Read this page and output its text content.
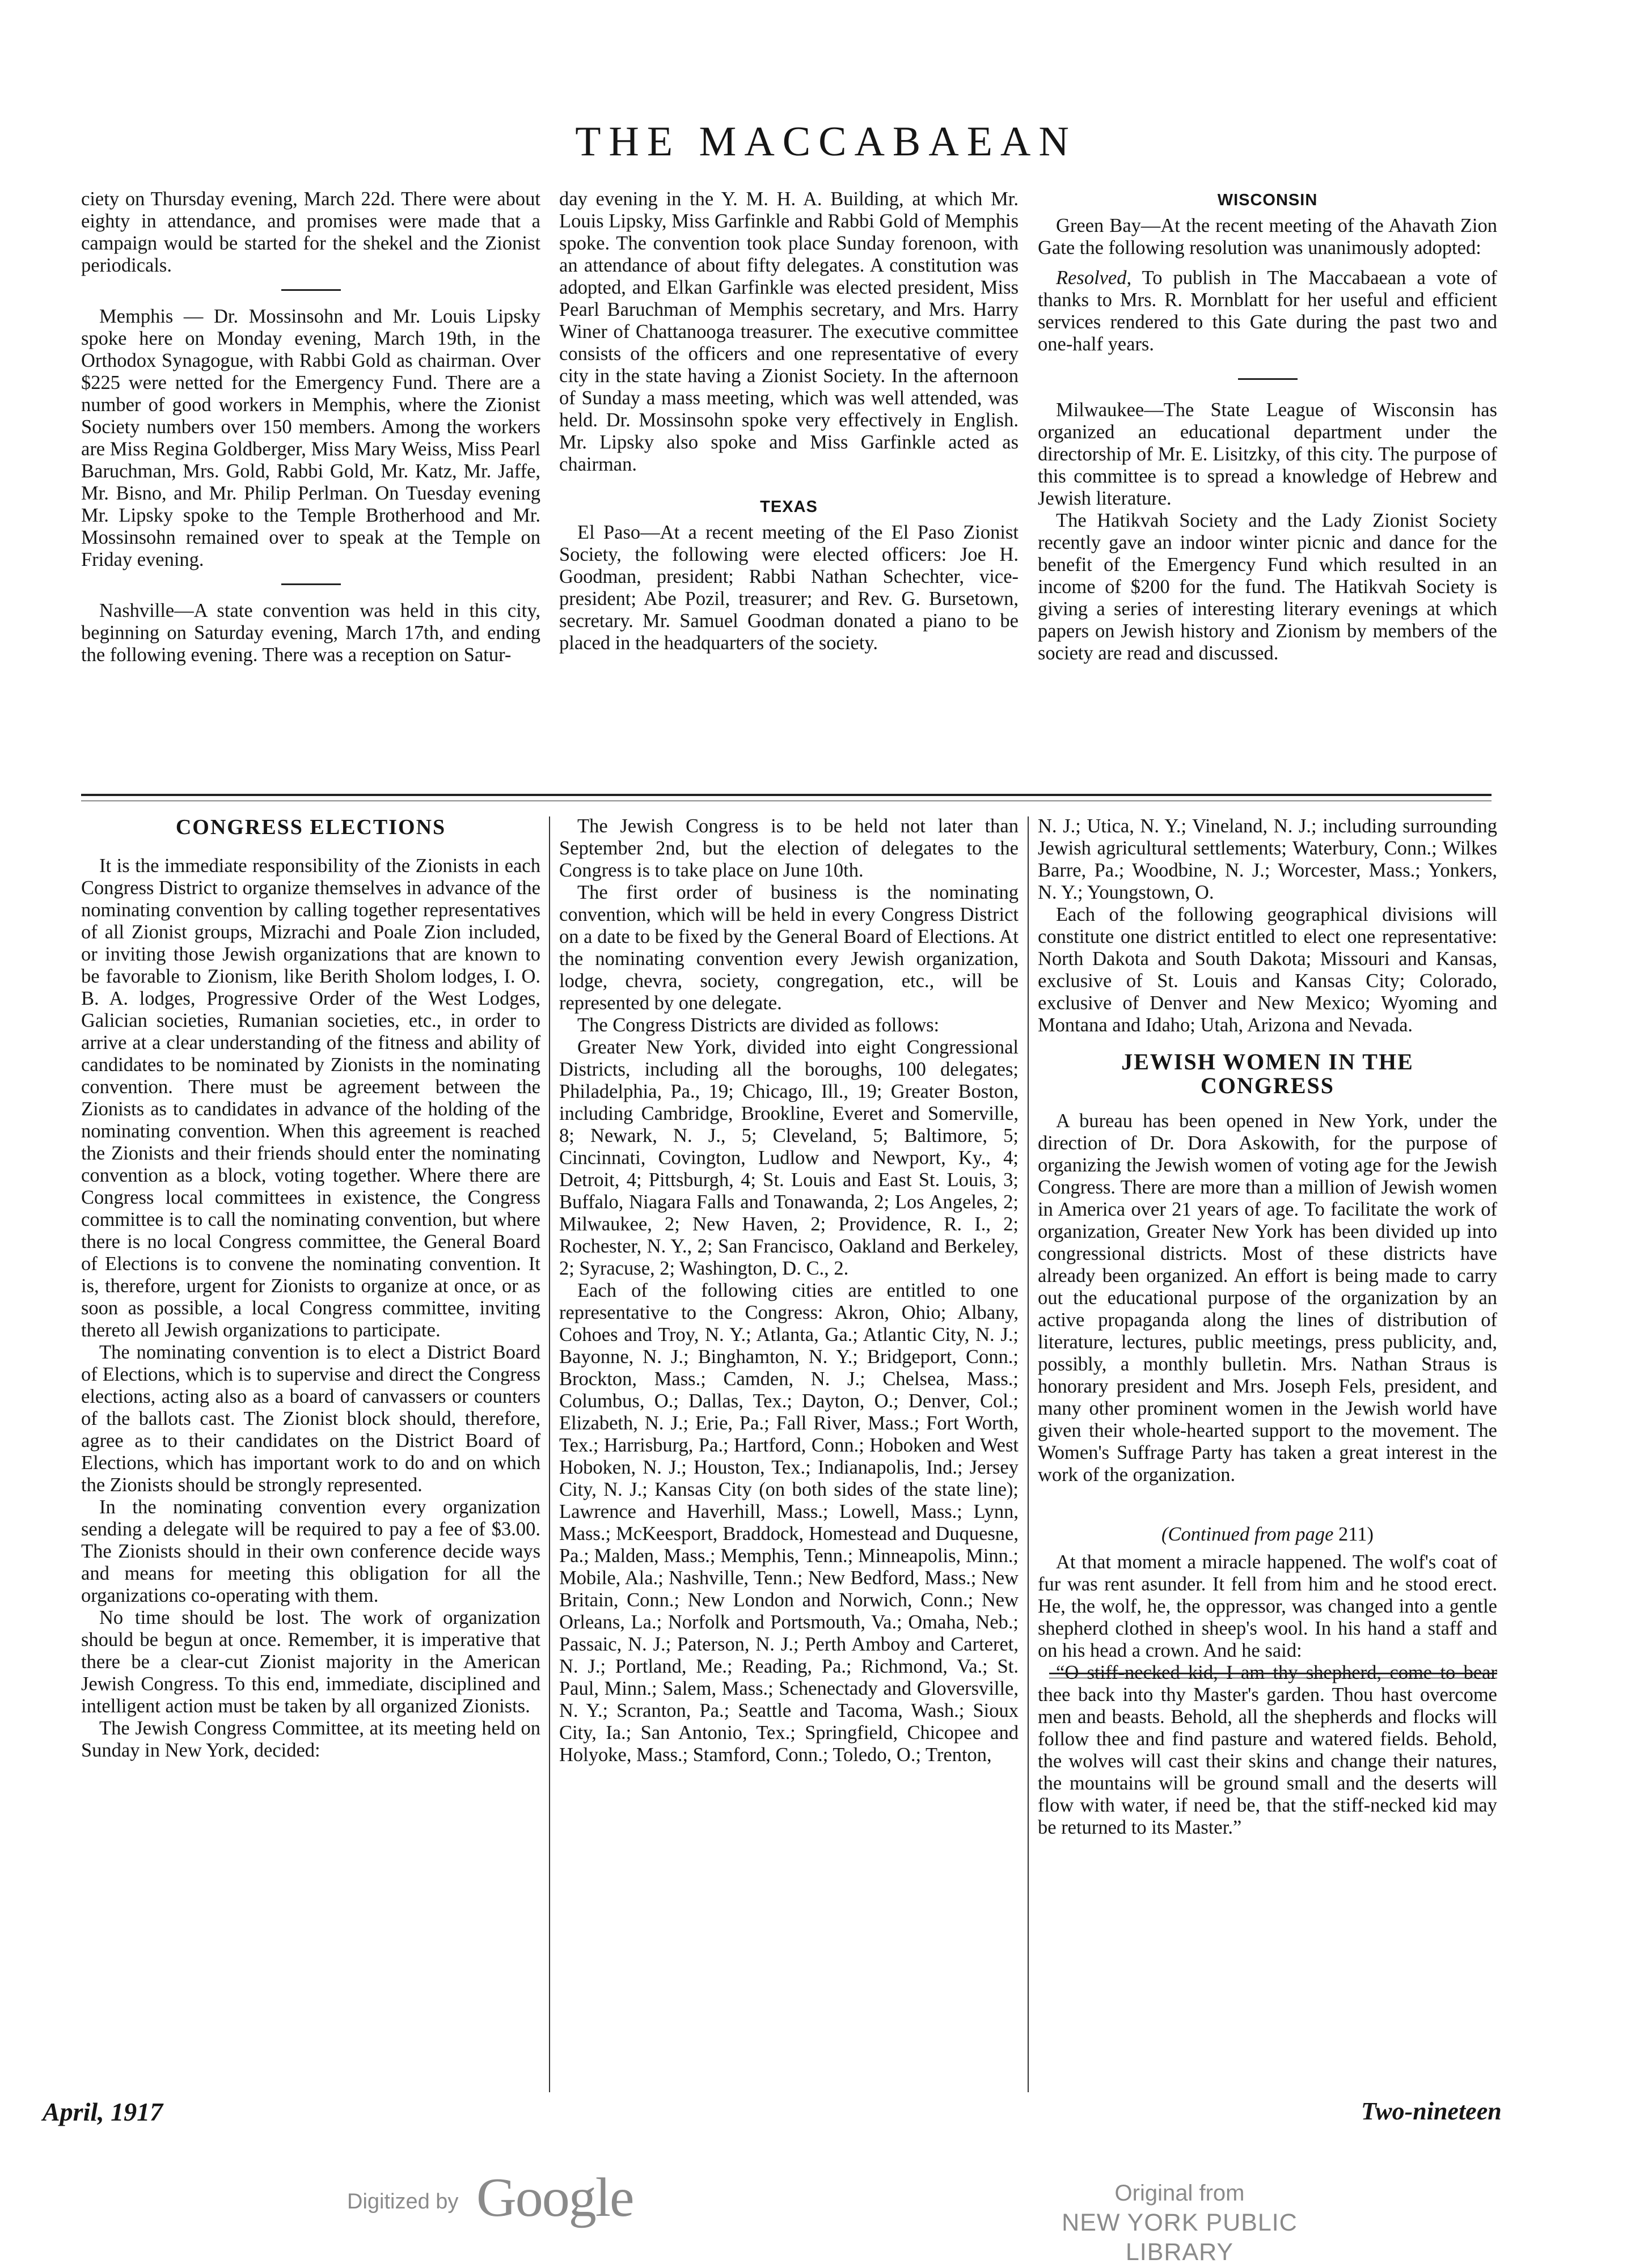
THE MACCABAEAN

ciety on Thursday evening, March 22d. There were about eighty in attendance, and promises were made that a campaign would be started for the shekel and the Zionist periodicals.

Memphis — Dr. Mossinsohn and Mr. Louis Lipsky spoke here on Monday evening, March 19th, in the Orthodox Synagogue, with Rabbi Gold as chairman. Over $225 were netted for the Emergency Fund. There are a number of good workers in Memphis, where the Zionist Society numbers over 150 members. Among the workers are Miss Regina Goldberger, Miss Mary Weiss, Miss Pearl Baruchman, Mrs. Gold, Rabbi Gold, Mr. Katz, Mr. Jaffe, Mr. Bisno, and Mr. Philip Perlman. On Tuesday evening Mr. Lipsky spoke to the Temple Brotherhood and Mr. Mossinsohn remained over to speak at the Temple on Friday evening.

Nashville—A state convention was held in this city, beginning on Saturday evening, March 17th, and ending the following evening. There was a reception on Satur-

day evening in the Y. M. H. A. Building, at which Mr. Louis Lipsky, Miss Garfinkle and Rabbi Gold of Memphis spoke. The convention took place Sunday forenoon, with an attendance of about fifty delegates. A constitution was adopted, and Elkan Garfinkle was elected president, Miss Pearl Baruchman of Memphis secretary, and Mrs. Harry Winer of Chattanooga treasurer. The executive committee consists of the officers and one representative of every city in the state having a Zionist Society. In the afternoon of Sunday a mass meeting, which was well attended, was held. Dr. Mossinsohn spoke very effectively in English. Mr. Lipsky also spoke and Miss Garfinkle acted as chairman.

TEXAS

El Paso—At a recent meeting of the El Paso Zionist Society, the following were elected officers: Joe H. Goodman, president; Rabbi Nathan Schechter, vice-president; Abe Pozil, treasurer; and Rev. G. Bursetown, secretary. Mr. Samuel Goodman donated a piano to be placed in the headquarters of the society.

WISCONSIN

Green Bay—At the recent meeting of the Ahavath Zion Gate the following resolution was unanimously adopted:

Resolved, To publish in The Maccabaean a vote of thanks to Mrs. R. Mornblatt for her useful and efficient services rendered to this Gate during the past two and one-half years.

Milwaukee—The State League of Wisconsin has organized an educational department under the directorship of Mr. E. Lisitzky, of this city. The purpose of this committee is to spread a knowledge of Hebrew and Jewish literature.

The Hatikvah Society and the Lady Zionist Society recently gave an indoor winter picnic and dance for the benefit of the Emergency Fund which resulted in an income of $200 for the fund. The Hatikvah Society is giving a series of interesting literary evenings at which papers on Jewish history and Zionism by members of the society are read and discussed.

CONGRESS ELECTIONS

It is the immediate responsibility of the Zionists in each Congress District to organize themselves in advance of the nominating convention by calling together representatives of all Zionist groups, Mizrachi and Poale Zion included, or inviting those Jewish organizations that are known to be favorable to Zionism, like Berith Sholom lodges, I. O. B. A. lodges, Progressive Order of the West Lodges, Galician societies, Rumanian societies, etc., in order to arrive at a clear understanding of the fitness and ability of candidates to be nominated by Zionists in the nominating convention. There must be agreement between the Zionists as to candidates in advance of the holding of the nominating convention. When this agreement is reached the Zionists and their friends should enter the nominating convention as a block, voting together. Where there are Congress local committees in existence, the Congress committee is to call the nominating convention, but where there is no local Congress committee, the General Board of Elections is to convene the nominating convention. It is, therefore, urgent for Zionists to organize at once, or as soon as possible, a local Congress committee, inviting thereto all Jewish organizations to participate.

The nominating convention is to elect a District Board of Elections, which is to supervise and direct the Congress elections, acting also as a board of canvassers or counters of the ballots cast. The Zionist block should, therefore, agree as to their candidates on the District Board of Elections, which has important work to do and on which the Zionists should be strongly represented.

In the nominating convention every organization sending a delegate will be required to pay a fee of $3.00. The Zionists should in their own conference decide ways and means for meeting this obligation for all the organizations co-operating with them.

No time should be lost. The work of organization should be begun at once. Remember, it is imperative that there be a clear-cut Zionist majority in the American Jewish Congress. To this end, immediate, disciplined and intelligent action must be taken by all organized Zionists.

The Jewish Congress Committee, at its meeting held on Sunday in New York, decided:

The Jewish Congress is to be held not later than September 2nd, but the election of delegates to the Congress is to take place on June 10th.

The first order of business is the nominating convention, which will be held in every Congress District on a date to be fixed by the General Board of Elections. At the nominating convention every Jewish organization, lodge, chevra, society, congregation, etc., will be represented by one delegate.

The Congress Districts are divided as follows:

Greater New York, divided into eight Congressional Districts, including all the boroughs, 100 delegates; Philadelphia, Pa., 19; Chicago, Ill., 19; Greater Boston, including Cambridge, Brookline, Everet and Somerville, 8; Newark, N. J., 5; Cleveland, 5; Baltimore, 5; Cincinnati, Covington, Ludlow and Newport, Ky., 4; Detroit, 4; Pittsburgh, 4; St. Louis and East St. Louis, 3; Buffalo, Niagara Falls and Tonawanda, 2; Los Angeles, 2; Milwaukee, 2; New Haven, 2; Providence, R. I., 2; Rochester, N. Y., 2; San Francisco, Oakland and Berkeley, 2; Syracuse, 2; Washington, D. C., 2.

Each of the following cities are entitled to one representative to the Congress: Akron, Ohio; Albany, Cohoes and Troy, N. Y.; Atlanta, Ga.; Atlantic City, N. J.; Bayonne, N. J.; Binghamton, N. Y.; Bridgeport, Conn.; Brockton, Mass.; Camden, N. J.; Chelsea, Mass.; Columbus, O.; Dallas, Tex.; Dayton, O.; Denver, Col.; Elizabeth, N. J.; Erie, Pa.; Fall River, Mass.; Fort Worth, Tex.; Harrisburg, Pa.; Hartford, Conn.; Hoboken and West Hoboken, N. J.; Houston, Tex.; Indianapolis, Ind.; Jersey City, N. J.; Kansas City (on both sides of the state line); Lawrence and Haverhill, Mass.; Lowell, Mass.; Lynn, Mass.; McKeesport, Braddock, Homestead and Duquesne, Pa.; Malden, Mass.; Memphis, Tenn.; Minneapolis, Minn.; Mobile, Ala.; Nashville, Tenn.; New Bedford, Mass.; New Britain, Conn.; New London and Norwich, Conn.; New Orleans, La.; Norfolk and Portsmouth, Va.; Omaha, Neb.; Passaic, N. J.; Paterson, N. J.; Perth Amboy and Carteret, N. J.; Portland, Me.; Reading, Pa.; Richmond, Va.; St. Paul, Minn.; Salem, Mass.; Schenectady and Gloversville, N. Y.; Scranton, Pa.; Seattle and Tacoma, Wash.; Sioux City, Ia.; San Antonio, Tex.; Springfield, Chicopee and Holyoke, Mass.; Stamford, Conn.; Toledo, O.; Trenton,

N. J.; Utica, N. Y.; Vineland, N. J.; including surrounding Jewish agricultural settlements; Waterbury, Conn.; Wilkes Barre, Pa.; Woodbine, N. J.; Worcester, Mass.; Yonkers, N. Y.; Youngstown, O.

Each of the following geographical divisions will constitute one district entitled to elect one representative: North Dakota and South Dakota; Missouri and Kansas, exclusive of St. Louis and Kansas City; Colorado, exclusive of Denver and New Mexico; Wyoming and Montana and Idaho; Utah, Arizona and Nevada.

JEWISH WOMEN IN THE
CONGRESS

A bureau has been opened in New York, under the direction of Dr. Dora Askowith, for the purpose of organizing the Jewish women of voting age for the Jewish Congress. There are more than a million of Jewish women in America over 21 years of age. To facilitate the work of organization, Greater New York has been divided up into congressional districts. Most of these districts have already been organized. An effort is being made to carry out the educational purpose of the organization by an active propaganda along the lines of distribution of literature, lectures, public meetings, press publicity, and, possibly, a monthly bulletin. Mrs. Nathan Straus is honorary president and Mrs. Joseph Fels, president, and many other prominent women in the Jewish world have given their whole-hearted support to the movement. The Women's Suffrage Party has taken a great interest in the work of the organization.

(Continued from page 211)

At that moment a miracle happened. The wolf's coat of fur was rent asunder. It fell from him and he stood erect. He, the wolf, he, the oppressor, was changed into a gentle shepherd clothed in sheep's wool. In his hand a staff and on his head a crown. And he said:

“O stiff-necked kid, I am thy shepherd, come to bear thee back into thy Master's garden. Thou hast overcome men and beasts. Behold, all the shepherds and flocks will follow thee and find pasture and watered fields. Behold, the wolves will cast their skins and change their natures, the mountains will be ground small and the deserts will flow with water, if need be, that the stiff-necked kid may be returned to its Master.”

April, 1917	Two-nineteen
Digitized by Google	Original from
NEW YORK PUBLIC LIBRARY
